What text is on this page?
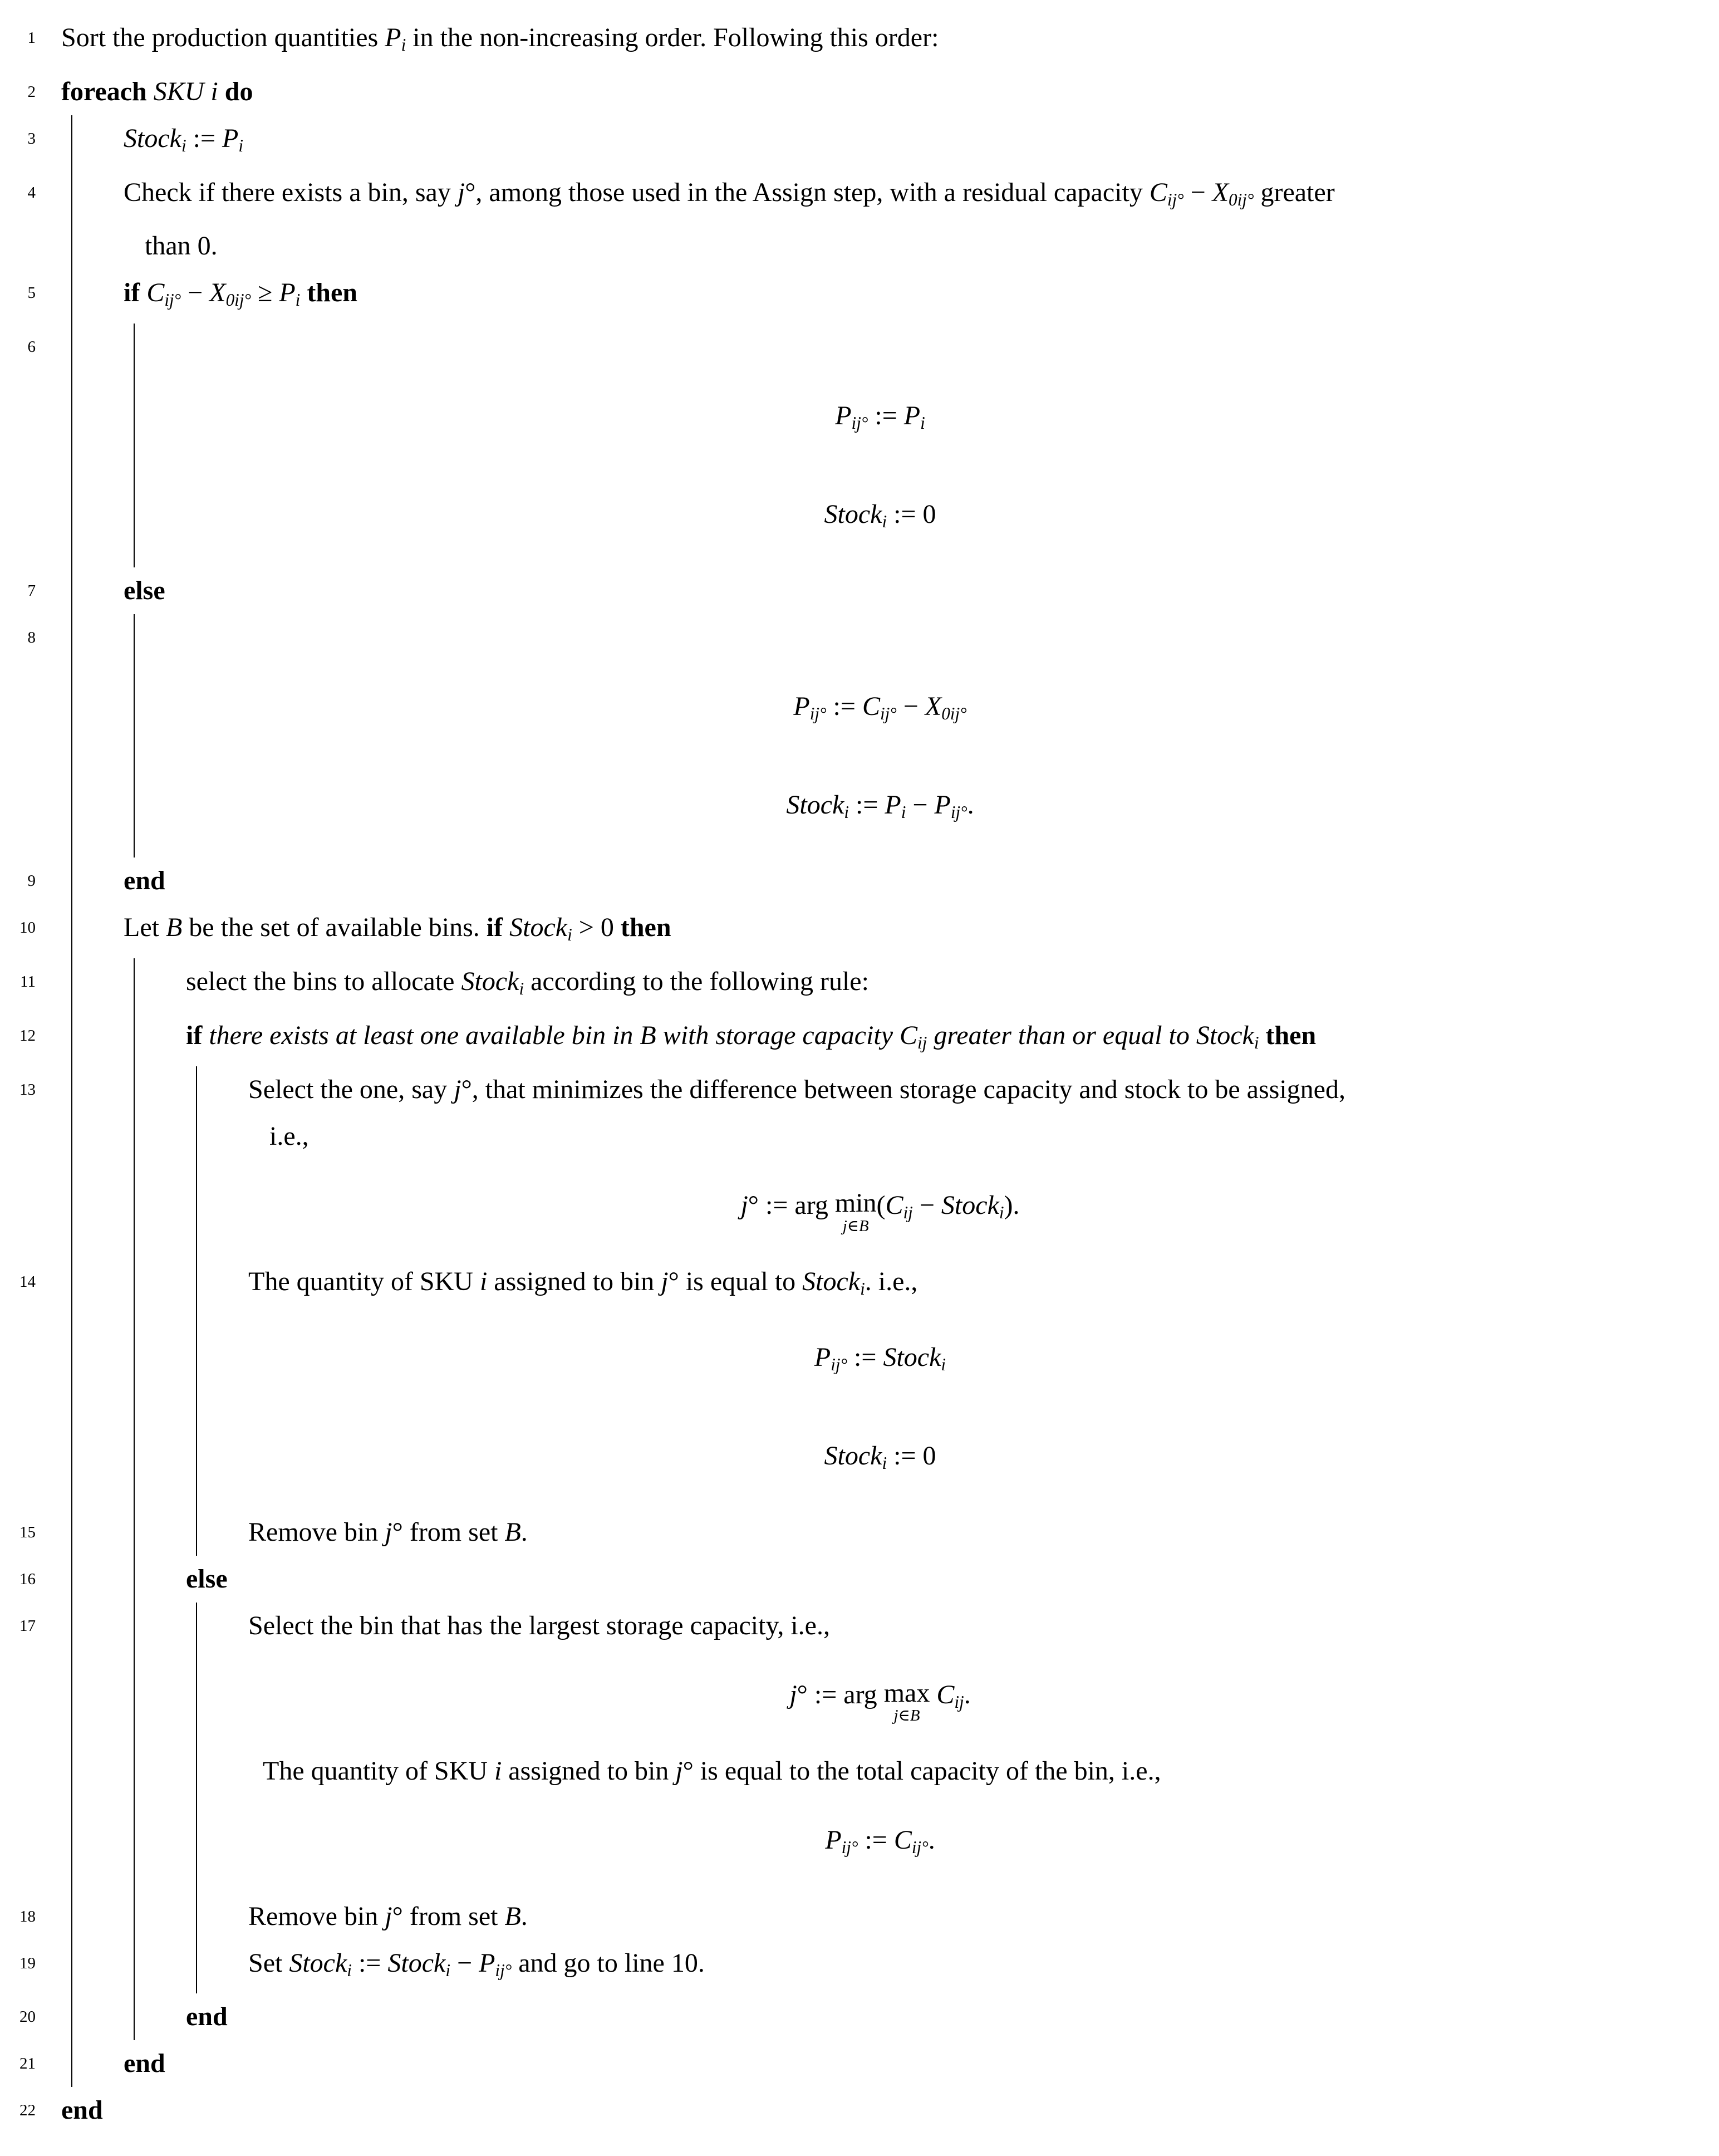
1 Sort the production quantities Pi in the non-increasing order. Following this order:
2 foreach SKU i do
3	Stocki := Pi
4	Check if there exists a bin, say j°, among those used in the Assign step, with a residual capacity Cij° − X0ij° greater
than 0.
5	if Cij° − X0ij° ≥ Pi then
6

Pij° := Pi
Stocki := 0
7	else
8

Pij° := Cij° − X0ij°
Stocki := Pi − Pij°.
9	end
10	Let B be the set of available bins. if Stocki > 0 then
11	select the bins to allocate Stocki according to the following rule:
12	if there exists at least one available bin in B with storage capacity Cij greater than or equal to Stocki then
13	Select the one, say j°, that minimizes the difference between storage capacity and stock to be assigned,
i.e.,
j° := arg min
j∈B
(Cij − Stocki).
14	The quantity of SKU i assigned to bin j° is equal to Stocki. i.e.,
Pij° := Stocki
Stocki := 0
15	Remove bin j° from set B.
16	else
17	Select the bin that has the largest storage capacity, i.e.,
j° := arg max
j∈B
Cij.
The quantity of SKU i assigned to bin j° is equal to the total capacity of the bin, i.e.,
Pij° := Cij°.
18	Remove bin j° from set B.
19	Set Stocki := Stocki − Pij° and go to line 10.
20	end
21	end
22 end
